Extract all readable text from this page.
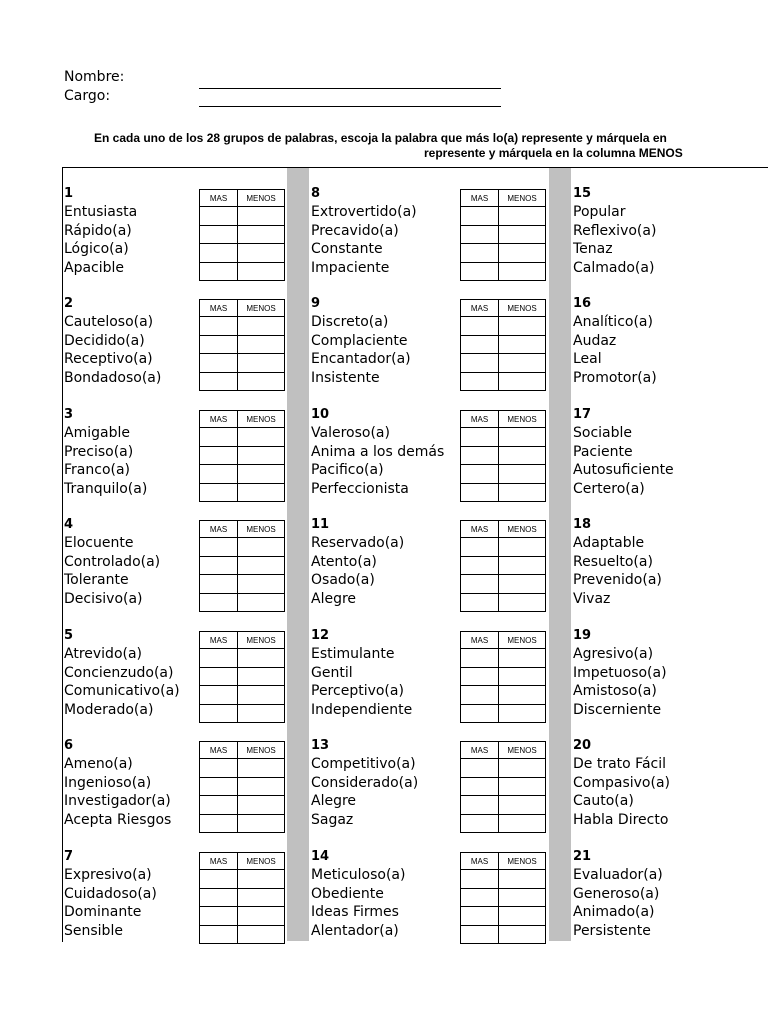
Nombre:
Cargo:
En cada uno de los 28 grupos de palabras, escoja la palabra que más lo(a) represente y márquela en
represente y márquela en la columna MENOS
1
Entusiasta
Rápido(a)
Lógico(a)
Apacible
MAS	MENOS

2
Cauteloso(a)
Decidido(a)
Receptivo(a)
Bondadoso(a)
MAS	MENOS

3
Amigable
Preciso(a)
Franco(a)
Tranquilo(a)
MAS	MENOS

4
Elocuente
Controlado(a)
Tolerante
Decisivo(a)
MAS	MENOS

5
Atrevido(a)
Concienzudo(a)
Comunicativo(a)
Moderado(a)
MAS	MENOS

6
Ameno(a)
Ingenioso(a)
Investigador(a)
Acepta Riesgos
MAS	MENOS

7
Expresivo(a)
Cuidadoso(a)
Dominante
Sensible
MAS	MENOS

8
Extrovertido(a)
Precavido(a)
Constante
Impaciente
MAS	MENOS

9
Discreto(a)
Complaciente
Encantador(a)
Insistente
MAS	MENOS

10
Valeroso(a)
Anima a los demás
Pacifico(a)
Perfeccionista
MAS	MENOS

11
Reservado(a)
Atento(a)
Osado(a)
Alegre
MAS	MENOS

12
Estimulante
Gentil
Perceptivo(a)
Independiente
MAS	MENOS

13
Competitivo(a)
Considerado(a)
Alegre
Sagaz
MAS	MENOS

14
Meticuloso(a)
Obediente
Ideas Firmes
Alentador(a)
MAS	MENOS

15
Popular
Reflexivo(a)
Tenaz
Calmado(a)
16
Analítico(a)
Audaz
Leal
Promotor(a)
17
Sociable
Paciente
Autosuficiente
Certero(a)
18
Adaptable
Resuelto(a)
Prevenido(a)
Vivaz
19
Agresivo(a)
Impetuoso(a)
Amistoso(a)
Discerniente
20
De trato Fácil
Compasivo(a)
Cauto(a)
Habla Directo
21
Evaluador(a)
Generoso(a)
Animado(a)
Persistente
